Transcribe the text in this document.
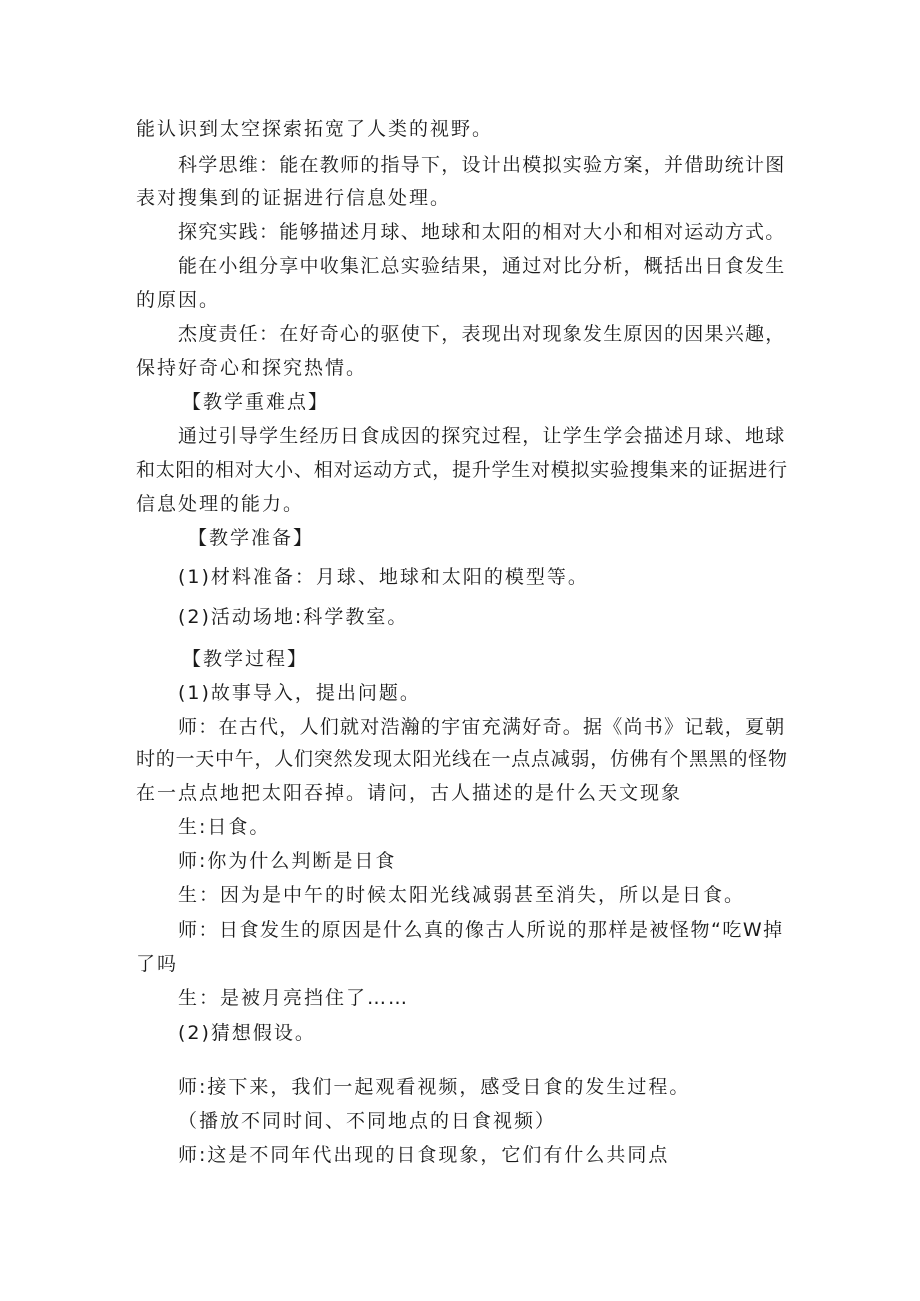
能认识到太空探索拓宽了人类的视野。
科学思维：能在教师的指导下，设计出模拟实验方案，并借助统计图
表对搜集到的证据进行信息处理。
探究实践：能够描述月球、地球和太阳的相对大小和相对运动方式。
能在小组分享中收集汇总实验结果，通过对比分析，概括出日食发生
的原因。
杰度责任：在好奇心的驱使下，表现出对现象发生原因的因果兴趣，
保持好奇心和探究热情。
【教学重难点】
通过引导学生经历日食成因的探究过程，让学生学会描述月球、地球
和太阳的相对大小、相对运动方式，提升学生对模拟实验搜集来的证据进行
信息处理的能力。
【教学准备】
(1)材料准备：月球、地球和太阳的模型等。
(2)活动场地:科学教室。
【教学过程】
(1)故事导入，提出问题。
师：在古代，人们就对浩瀚的宇宙充满好奇。据《尚书》记载，夏朝
时的一天中午，人们突然发现太阳光线在一点点减弱，仿佛有个黑黑的怪物
在一点点地把太阳吞掉。请问，古人描述的是什么天文现象
生:日食。
师:你为什么判断是日食
生：因为是中午的时候太阳光线减弱甚至消失，所以是日食。
师：日食发生的原因是什么真的像古人所说的那样是被怪物“吃W掉
了吗
生：是被月亮挡住了……
(2)猜想假设。
师:接下来，我们一起观看视频，感受日食的发生过程。
（播放不同时间、不同地点的日食视频）
师:这是不同年代出现的日食现象，它们有什么共同点
